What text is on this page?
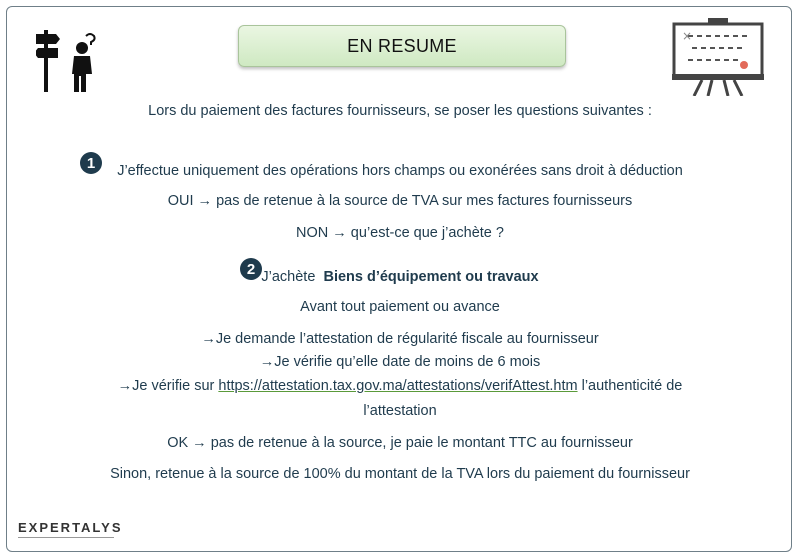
×
EN RESUME
Lors du paiement des factures fournisseurs, se poser les questions suivantes :
1	J’effectue uniquement des opérations hors champs ou exonérées sans droit à déduction
OUI → pas de retenue à la source de TVA sur mes factures fournisseurs
NON → qu’est-ce que j’achète ?
2 J’achète Biens d’équipement ou travaux
Avant tout paiement ou avance
→Je demande l’attestation de régularité fiscale au fournisseur
→Je vérifie qu’elle date de moins de 6 mois
→Je vérifie sur https://attestation.tax.gov.ma/attestations/verifAttest.htm l’authenticité de
l’attestation
OK → pas de retenue à la source, je paie le montant TTC au fournisseur
Sinon, retenue à la source de 100% du montant de la TVA lors du paiement du fournisseur
EXPERTALYS
